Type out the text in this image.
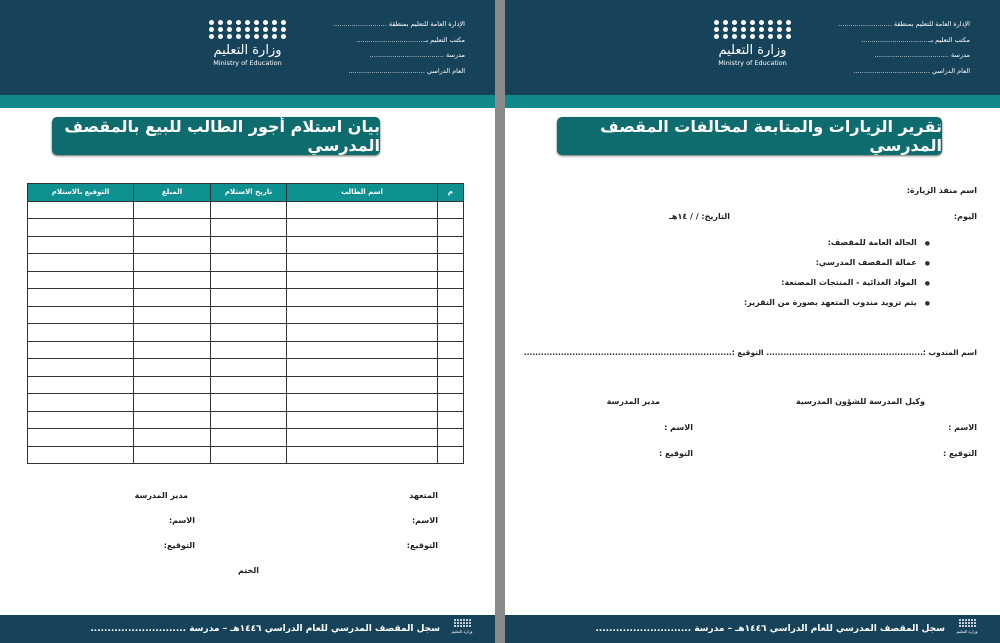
وزارة التعليم
Ministry of Education
الإدارة العامة للتعليم بمنطقة ..........................
مكتب التعليم بـ.................................
مدرسة ....................................
العام الدراسي .....................................
بيان استلام أجور الطالب للبيع بالمقصف المدرسي
م	اسم الطالب	تاريخ الاستلام	المبلغ	التوقيع بالاستلام

المتعهد
مدير المدرسة
الاسم:
الاسم:
التوقيع:
التوقيع:
الختم
وزارة التعليم
سجل المقصف المدرسي للعام الدراسي ١٤٤٦هـ – مدرسة ............................
وزارة التعليم
Ministry of Education
الإدارة العامة للتعليم بمنطقة ..........................
مكتب التعليم بـ.................................
مدرسة ....................................
العام الدراسي .....................................
تقرير الزيارات والمتابعة لمخالفات المقصف المدرسي
اسم منفذ الزيارة:
اليوم:
التاريخ: / / ١٤هـ
● الحالة العامة للمقصف:
● عمالة المقصف المدرسي:
● المواد الغذائية - المنتجات المصنعة:
● يتم تزويد مندوب المتعهد بصورة من التقرير:
اسم المندوب :....................................................... التوقيع :.........................................................................
وكيل المدرسة للشؤون المدرسية
مدير المدرسة
الاسم :
الاسم :
التوقيع :
التوقيع :
وزارة التعليم
سجل المقصف المدرسي للعام الدراسي ١٤٤٦هـ – مدرسة ............................
